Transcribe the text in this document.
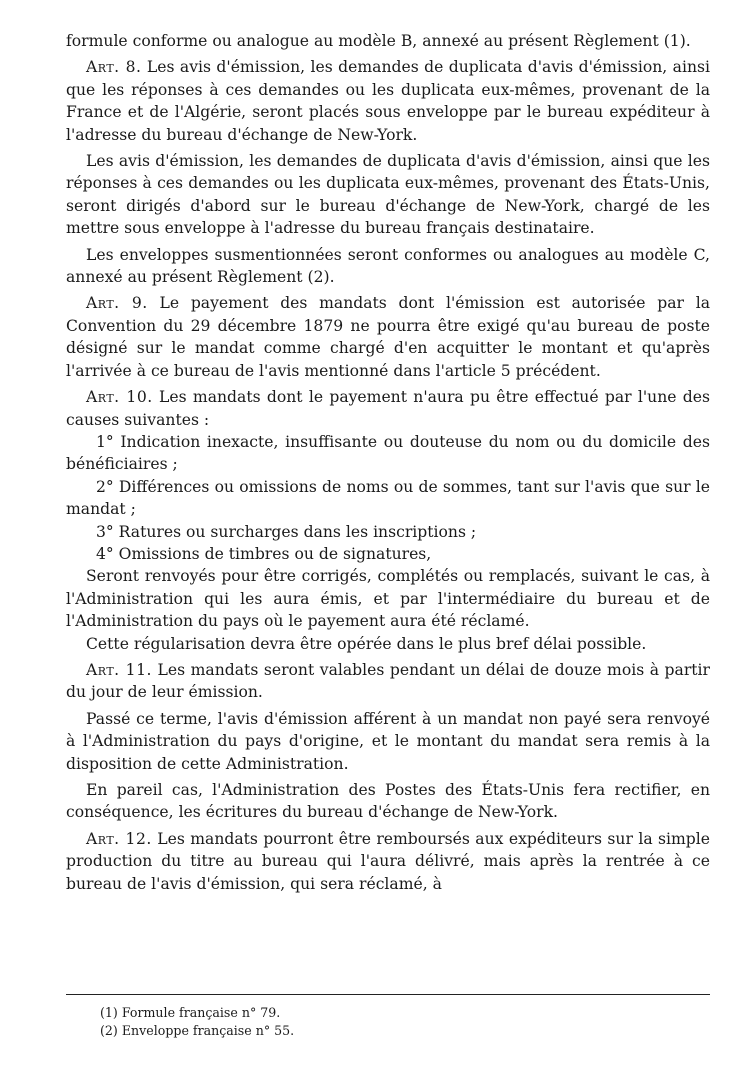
formule conforme ou analogue au modèle B, annexé au présent Règlement (1).

Art. 8. Les avis d'émission, les demandes de duplicata d'avis d'émission, ainsi que les réponses à ces demandes ou les duplicata eux-mêmes, provenant de la France et de l'Algérie, seront placés sous enveloppe par le bureau expéditeur à l'adresse du bureau d'échange de New-York.

Les avis d'émission, les demandes de duplicata d'avis d'émission, ainsi que les réponses à ces demandes ou les duplicata eux-mêmes, provenant des États-Unis, seront dirigés d'abord sur le bureau d'échange de New-York, chargé de les mettre sous enveloppe à l'adresse du bureau français destinataire.

Les enveloppes susmentionnées seront conformes ou analogues au modèle C, annexé au présent Règlement (2).

Art. 9. Le payement des mandats dont l'émission est autorisée par la Convention du 29 décembre 1879 ne pourra être exigé qu'au bureau de poste désigné sur le mandat comme chargé d'en acquitter le montant et qu'après l'arrivée à ce bureau de l'avis mentionné dans l'article 5 précédent.

Art. 10. Les mandats dont le payement n'aura pu être effectué par l'une des causes suivantes :

1° Indication inexacte, insuffisante ou douteuse du nom ou du domicile des bénéficiaires ;

2° Différences ou omissions de noms ou de sommes, tant sur l'avis que sur le mandat ;

3° Ratures ou surcharges dans les inscriptions ;

4° Omissions de timbres ou de signatures,

Seront renvoyés pour être corrigés, complétés ou remplacés, suivant le cas, à l'Administration qui les aura émis, et par l'intermédiaire du bureau et de l'Administration du pays où le payement aura été réclamé.

Cette régularisation devra être opérée dans le plus bref délai possible.

Art. 11. Les mandats seront valables pendant un délai de douze mois à partir du jour de leur émission.

Passé ce terme, l'avis d'émission afférent à un mandat non payé sera renvoyé à l'Administration du pays d'origine, et le montant du mandat sera remis à la disposition de cette Administration.

En pareil cas, l'Administration des Postes des États-Unis fera rectifier, en conséquence, les écritures du bureau d'échange de New-York.

Art. 12. Les mandats pourront être remboursés aux expéditeurs sur la simple production du titre au bureau qui l'aura délivré, mais après la rentrée à ce bureau de l'avis d'émission, qui sera réclamé, à

(1) Formule française n° 79.

(2) Enveloppe française n° 55.
